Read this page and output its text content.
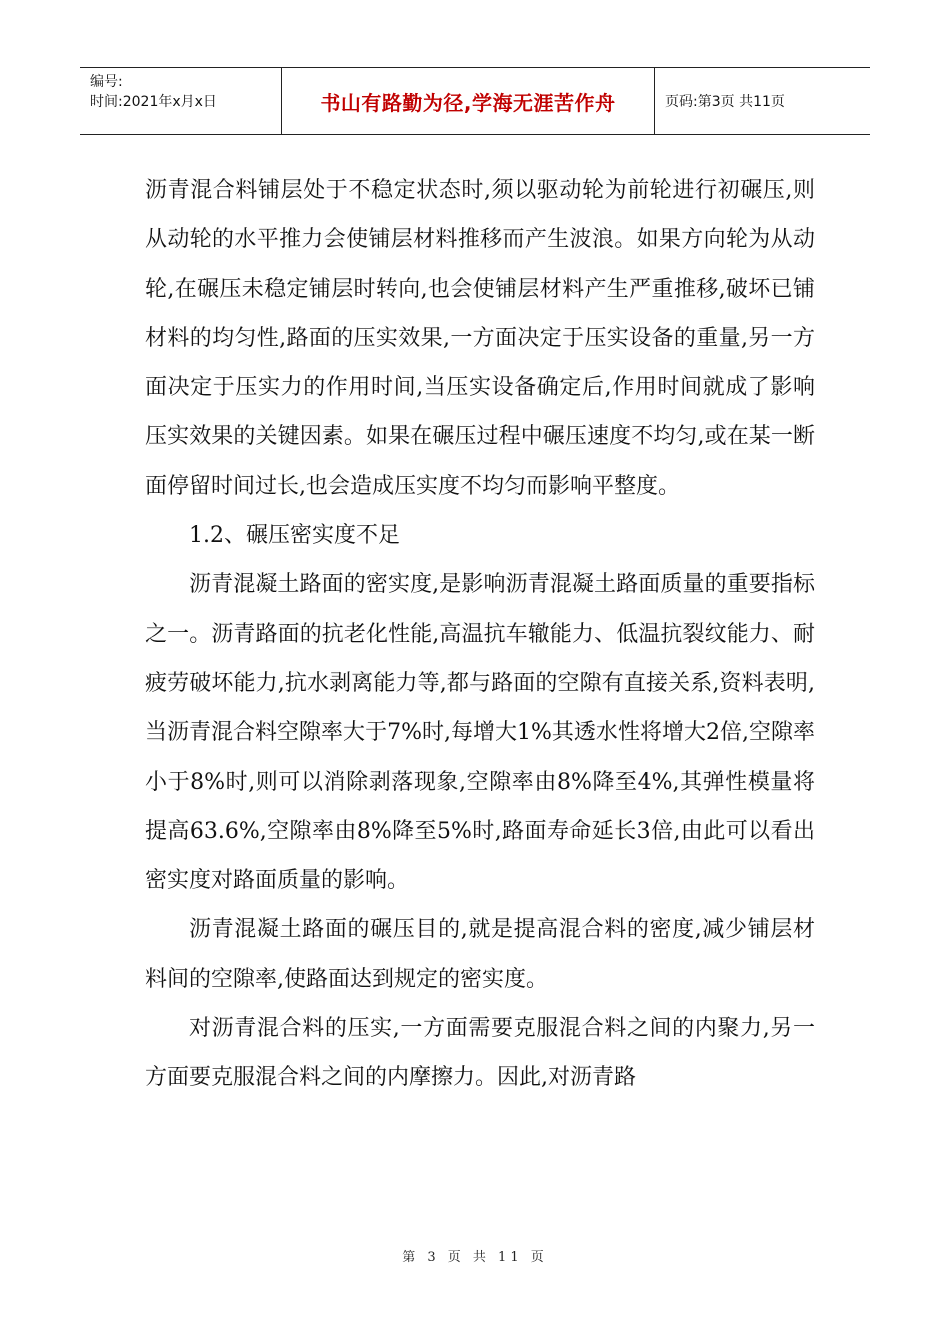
编号:
时间:2021年x月x日	书山有路勤为径,学海无涯苦作舟	页码:第3页 共11页

沥青混合料铺层处于不稳定状态时,须以驱动轮为前轮进行初碾压,则从动轮的水平推力会使铺层材料推移而产生波浪。如果方向轮为从动轮,在碾压未稳定铺层时转向,也会使铺层材料产生严重推移,破坏已铺材料的均匀性,路面的压实效果,一方面决定于压实设备的重量,另一方面决定于压实力的作用时间,当压实设备确定后,作用时间就成了影响压实效果的关键因素。如果在碾压过程中碾压速度不均匀,或在某一断面停留时间过长,也会造成压实度不均匀而影响平整度。

1.2、碾压密实度不足

沥青混凝土路面的密实度,是影响沥青混凝土路面质量的重要指标之一。沥青路面的抗老化性能,高温抗车辙能力、低温抗裂纹能力、耐疲劳破坏能力,抗水剥离能力等,都与路面的空隙有直接关系,资料表明,当沥青混合料空隙率大于7%时,每增大1%其透水性将增大2倍,空隙率小于8%时,则可以消除剥落现象,空隙率由8%降至4%,其弹性模量将提高63.6%,空隙率由8%降至5%时,路面寿命延长3倍,由此可以看出密实度对路面质量的影响。

沥青混凝土路面的碾压目的,就是提高混合料的密度,减少铺层材料间的空隙率,使路面达到规定的密实度。

对沥青混合料的压实,一方面需要克服混合料之间的内聚力,另一方面要克服混合料之间的内摩擦力。因此,对沥青路

第 3 页 共 11 页
